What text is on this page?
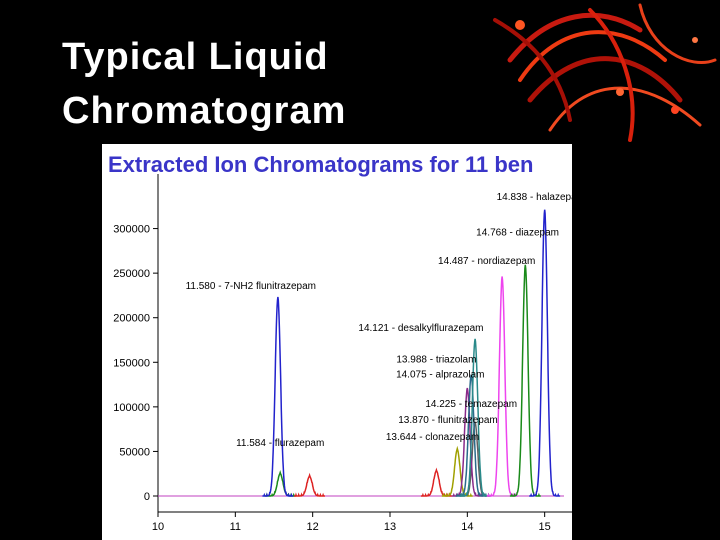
Typical Liquid
Chromatogram
Extracted Ion Chromatograms for 11 ben
0
50000
100000
150000
200000
250000
300000
10	11	12	13	14	15
11.584 - flurazepam
11.580 - 7-NH2 flunitrazepam
13.644 - clonazepam
13.870 - flunitrazepam
14.225 - temazepam
14.075 - alprazolam
13.988 - triazolam
14.121 - desalkylflurazepam
14.487 - nordiazepam
14.768 - diazepam
14.838 - halazepam
